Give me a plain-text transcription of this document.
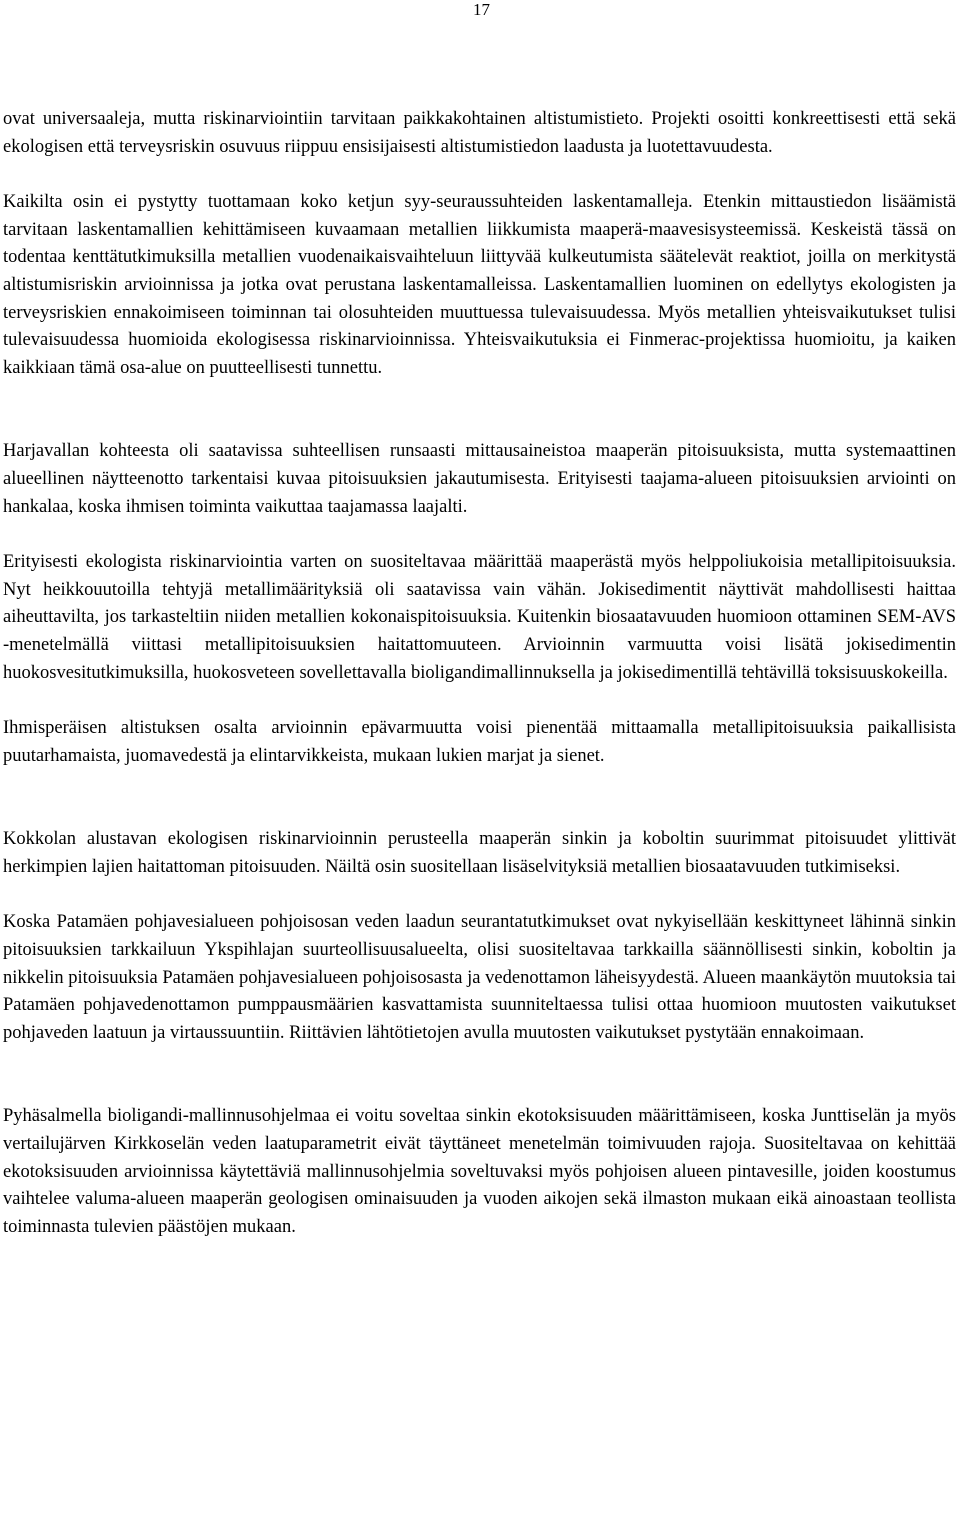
17

ovat universaaleja, mutta riskinarviointiin tarvitaan paikkakohtainen altistumistieto. Projekti osoitti konkreettisesti että sekä ekologisen että terveysriskin osuvuus riippuu ensisijaisesti altistumistiedon laadusta ja luotettavuudesta.

Kaikilta osin ei pystytty tuottamaan koko ketjun syy-seuraussuhteiden laskentamalleja. Etenkin mittaustiedon lisäämistä tarvitaan laskentamallien kehittämiseen kuvaamaan metallien liikkumista maaperä-maavesisysteemissä. Keskeistä tässä on todentaa kenttätutkimuksilla metallien vuodenaikaisvaihteluun liittyvää kulkeutumista säätelevät reaktiot, joilla on merkitystä altistumisriskin arvioinnissa ja jotka ovat perustana laskentamalleissa. Laskentamallien luominen on edellytys ekologisten ja terveysriskien ennakoimiseen toiminnan tai olosuhteiden muuttuessa tulevaisuudessa. Myös metallien yhteisvaikutukset tulisi tulevaisuudessa huomioida ekologisessa riskinarvioinnissa. Yhteisvaikutuksia ei Finmerac-projektissa huomioitu, ja kaiken kaikkiaan tämä osa-alue on puutteellisesti tunnettu.

Harjavallan kohteesta oli saatavissa suhteellisen runsaasti mittausaineistoa maaperän pitoisuuksista, mutta systemaattinen alueellinen näytteenotto tarkentaisi kuvaa pitoisuuksien jakautumisesta. Erityisesti taajama-alueen pitoisuuksien arviointi on hankalaa, koska ihmisen toiminta vaikuttaa taajamassa laajalti.

Erityisesti ekologista riskinarviointia varten on suositeltavaa määrittää maaperästä myös helppoliukoisia metallipitoisuuksia. Nyt heikkouutoilla tehtyjä metallimäärityksiä oli saatavissa vain vähän. Jokisedimentit näyttivät mahdollisesti haittaa aiheuttavilta, jos tarkasteltiin niiden metallien kokonaispitoisuuksia. Kuitenkin biosaatavuuden huomioon ottaminen SEM-AVS -menetelmällä viittasi metallipitoisuuksien haitattomuuteen. Arvioinnin varmuutta voisi lisätä jokisedimentin huokosvesitutkimuksilla, huokosveteen sovellettavalla bioligandimallinnuksella ja jokisedimentillä tehtävillä toksisuuskokeilla.

Ihmisperäisen altistuksen osalta arvioinnin epävarmuutta voisi pienentää mittaamalla metallipitoisuuksia paikallisista puutarhamaista, juomavedestä ja elintarvikkeista, mukaan lukien marjat ja sienet.

Kokkolan alustavan ekologisen riskinarvioinnin perusteella maaperän sinkin ja koboltin suurimmat pitoisuudet ylittivät herkimpien lajien haitattoman pitoisuuden. Näiltä osin suositellaan lisäselvityksiä metallien biosaatavuuden tutkimiseksi.

Koska Patamäen pohjavesialueen pohjoisosan veden laadun seurantatutkimukset ovat nykyisellään keskittyneet lähinnä sinkin pitoisuuksien tarkkailuun Ykspihlajan suurteollisuusalueelta, olisi suositeltavaa tarkkailla säännöllisesti sinkin, koboltin ja nikkelin pitoisuuksia Patamäen pohjavesialueen pohjoisosasta ja vedenottamon läheisyydestä. Alueen maankäytön muutoksia tai Patamäen pohjavedenottamon pumppausmäärien kasvattamista suunniteltaessa tulisi ottaa huomioon muutosten vaikutukset pohjaveden laatuun ja virtaussuuntiin. Riittävien lähtötietojen avulla muutosten vaikutukset pystytään ennakoimaan.

Pyhäsalmella bioligandi-mallinnusohjelmaa ei voitu soveltaa sinkin ekotoksisuuden määrittämiseen, koska Junttiselän ja myös vertailujärven Kirkkoselän veden laatuparametrit eivät täyttäneet menetelmän toimivuuden rajoja. Suositeltavaa on kehittää ekotoksisuuden arvioinnissa käytettäviä mallinnusohjelmia soveltuvaksi myös pohjoisen alueen pintavesille, joiden koostumus vaihtelee valuma-alueen maaperän geologisen ominaisuuden ja vuoden aikojen sekä ilmaston mukaan eikä ainoastaan teollista toiminnasta tulevien päästöjen mukaan.
